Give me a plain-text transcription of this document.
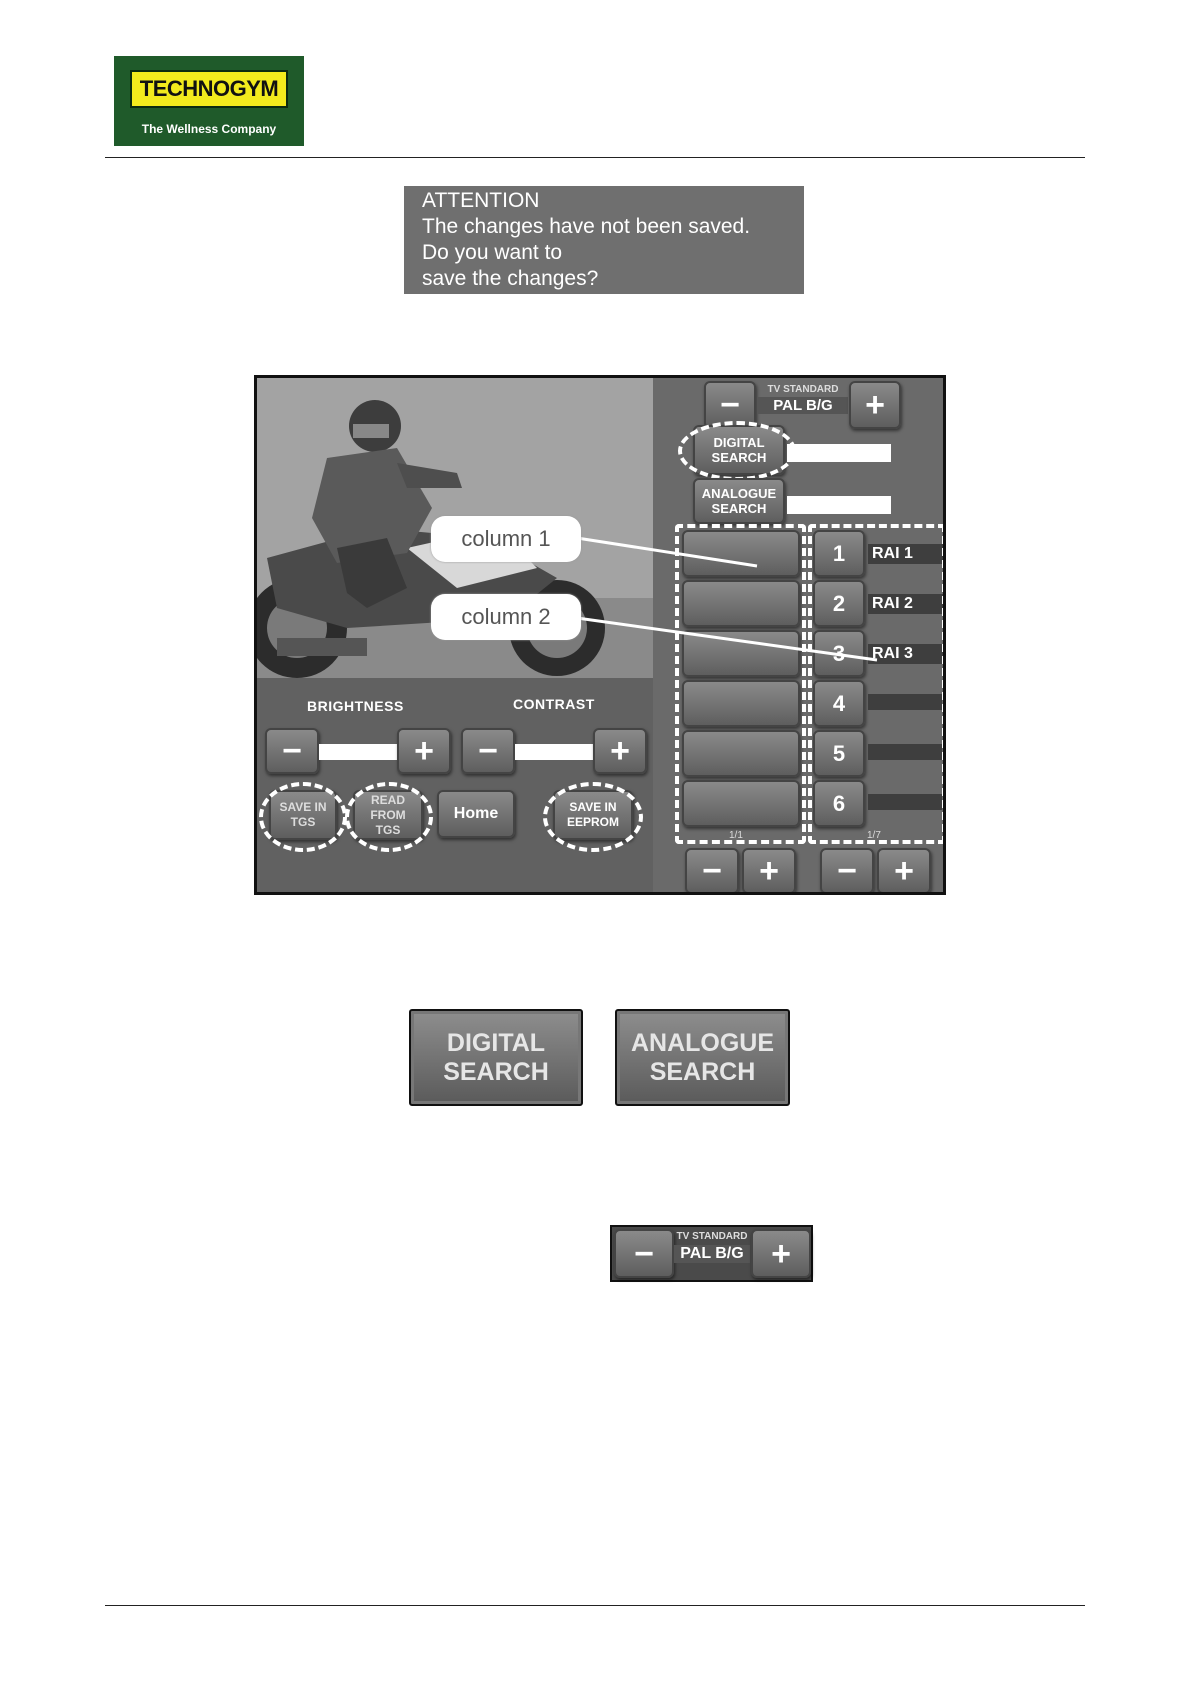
TECHNOGYM
The Wellness Company
ATTENTION
The changes have not been saved.
Do you want to
save the changes?
−	TV STANDARD
PAL B/G +
DIGITAL
SEARCH
ANALOGUE
SEARCH
1/1
1	RAI 1
2	RAI 2
3	RAI 3
4
5
6
1/7
− + − +
column 1
column 2
BRIGHTNESS	CONTRAST
−	+ −	+
SAVE IN
TGS
READ FROM
TGS
Home	SAVE IN
EEPROM
DIGITAL
SEARCH
ANALOGUE
SEARCH
− TV STANDARD
PAL B/G +
